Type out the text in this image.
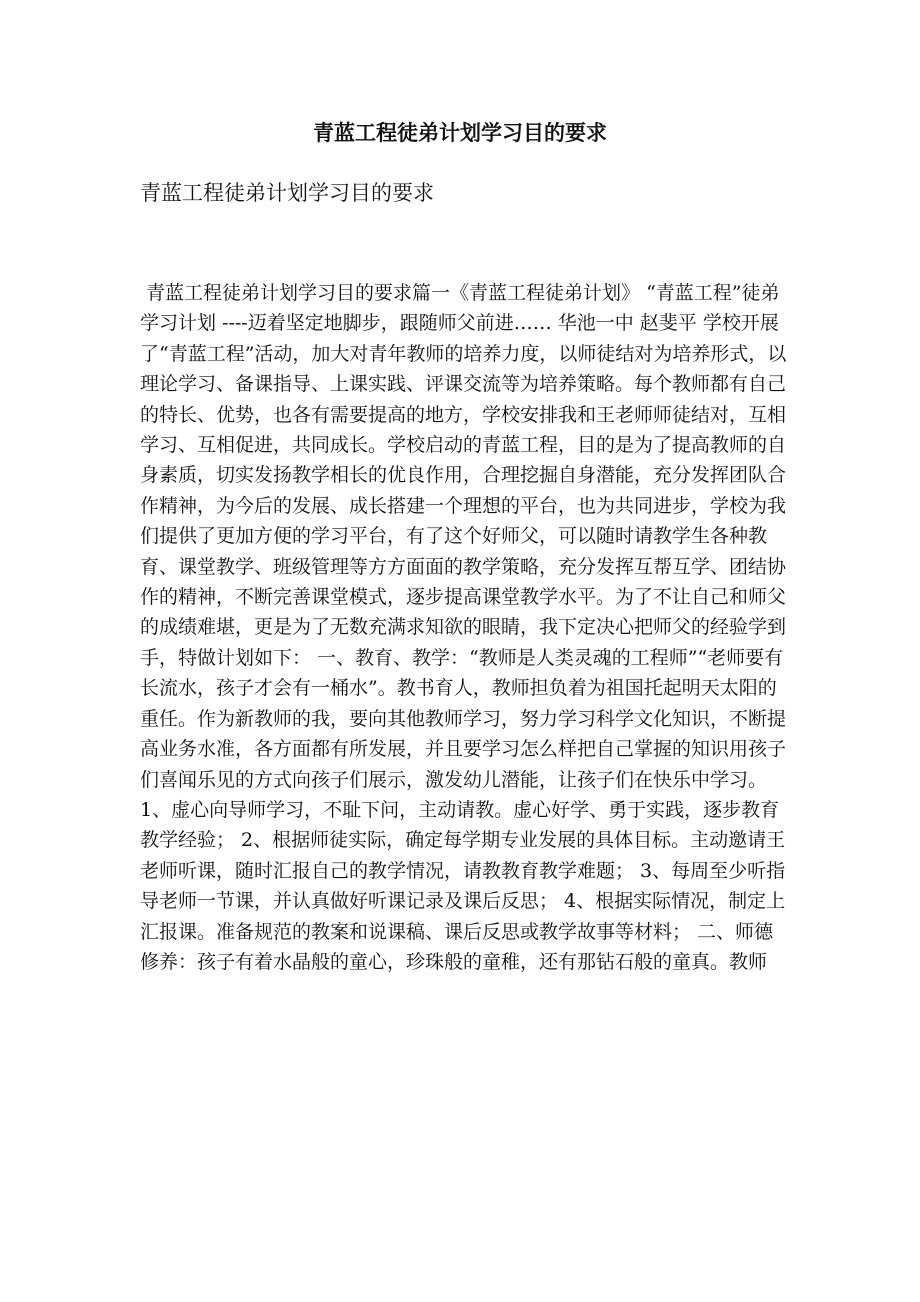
青蓝工程徒弟计划学习目的要求

青蓝工程徒弟计划学习目的要求

青蓝工程徒弟计划学习目的要求篇一《青蓝工程徒弟计划》 “青蓝工程”徒弟学习计划 ----迈着坚定地脚步，跟随师父前进…… 华池一中 赵斐平 学校开展了“青蓝工程”活动，加大对青年教师的培养力度，以师徒结对为培养形式，以理论学习、备课指导、上课实践、评课交流等为培养策略。每个教师都有自己的特长、优势，也各有需要提高的地方，学校安排我和王老师师徒结对，互相学习、互相促进，共同成长。学校启动的青蓝工程，目的是为了提高教师的自身素质，切实发扬教学相长的优良作用，合理挖掘自身潜能，充分发挥团队合作精神，为今后的发展、成长搭建一个理想的平台，也为共同进步，学校为我们提供了更加方便的学习平台，有了这个好师父，可以随时请教学生各种教育、课堂教学、班级管理等方方面面的教学策略，充分发挥互帮互学、团结协作的精神，不断完善课堂模式，逐步提高课堂教学水平。为了不让自己和师父的成绩难堪，更是为了无数充满求知欲的眼睛，我下定决心把师父的经验学到手，特做计划如下： 一、教育、教学：“教师是人类灵魂的工程师”“老师要有长流水，孩子才会有一桶水”。教书育人，教师担负着为祖国托起明天太阳的重任。作为新教师的我，要向其他教师学习，努力学习科学文化知识，不断提高业务水准，各方面都有所发展，并且要学习怎么样把自己掌握的知识用孩子们喜闻乐见的方式向孩子们展示，激发幼儿潜能，让孩子们在快乐中学习。 1、虚心向导师学习，不耻下问，主动请教。虚心好学、勇于实践，逐步教育教学经验； 2、根据师徒实际，确定每学期专业发展的具体目标。主动邀请王老师听课，随时汇报自己的教学情况，请教教育教学难题； 3、每周至少听指导老师一节课，并认真做好听课记录及课后反思； 4、根据实际情况，制定上汇报课。准备规范的教案和说课稿、课后反思或教学故事等材料； 二、师德修养：孩子有着水晶般的童心，珍珠般的童稚，还有那钻石般的童真。教师
